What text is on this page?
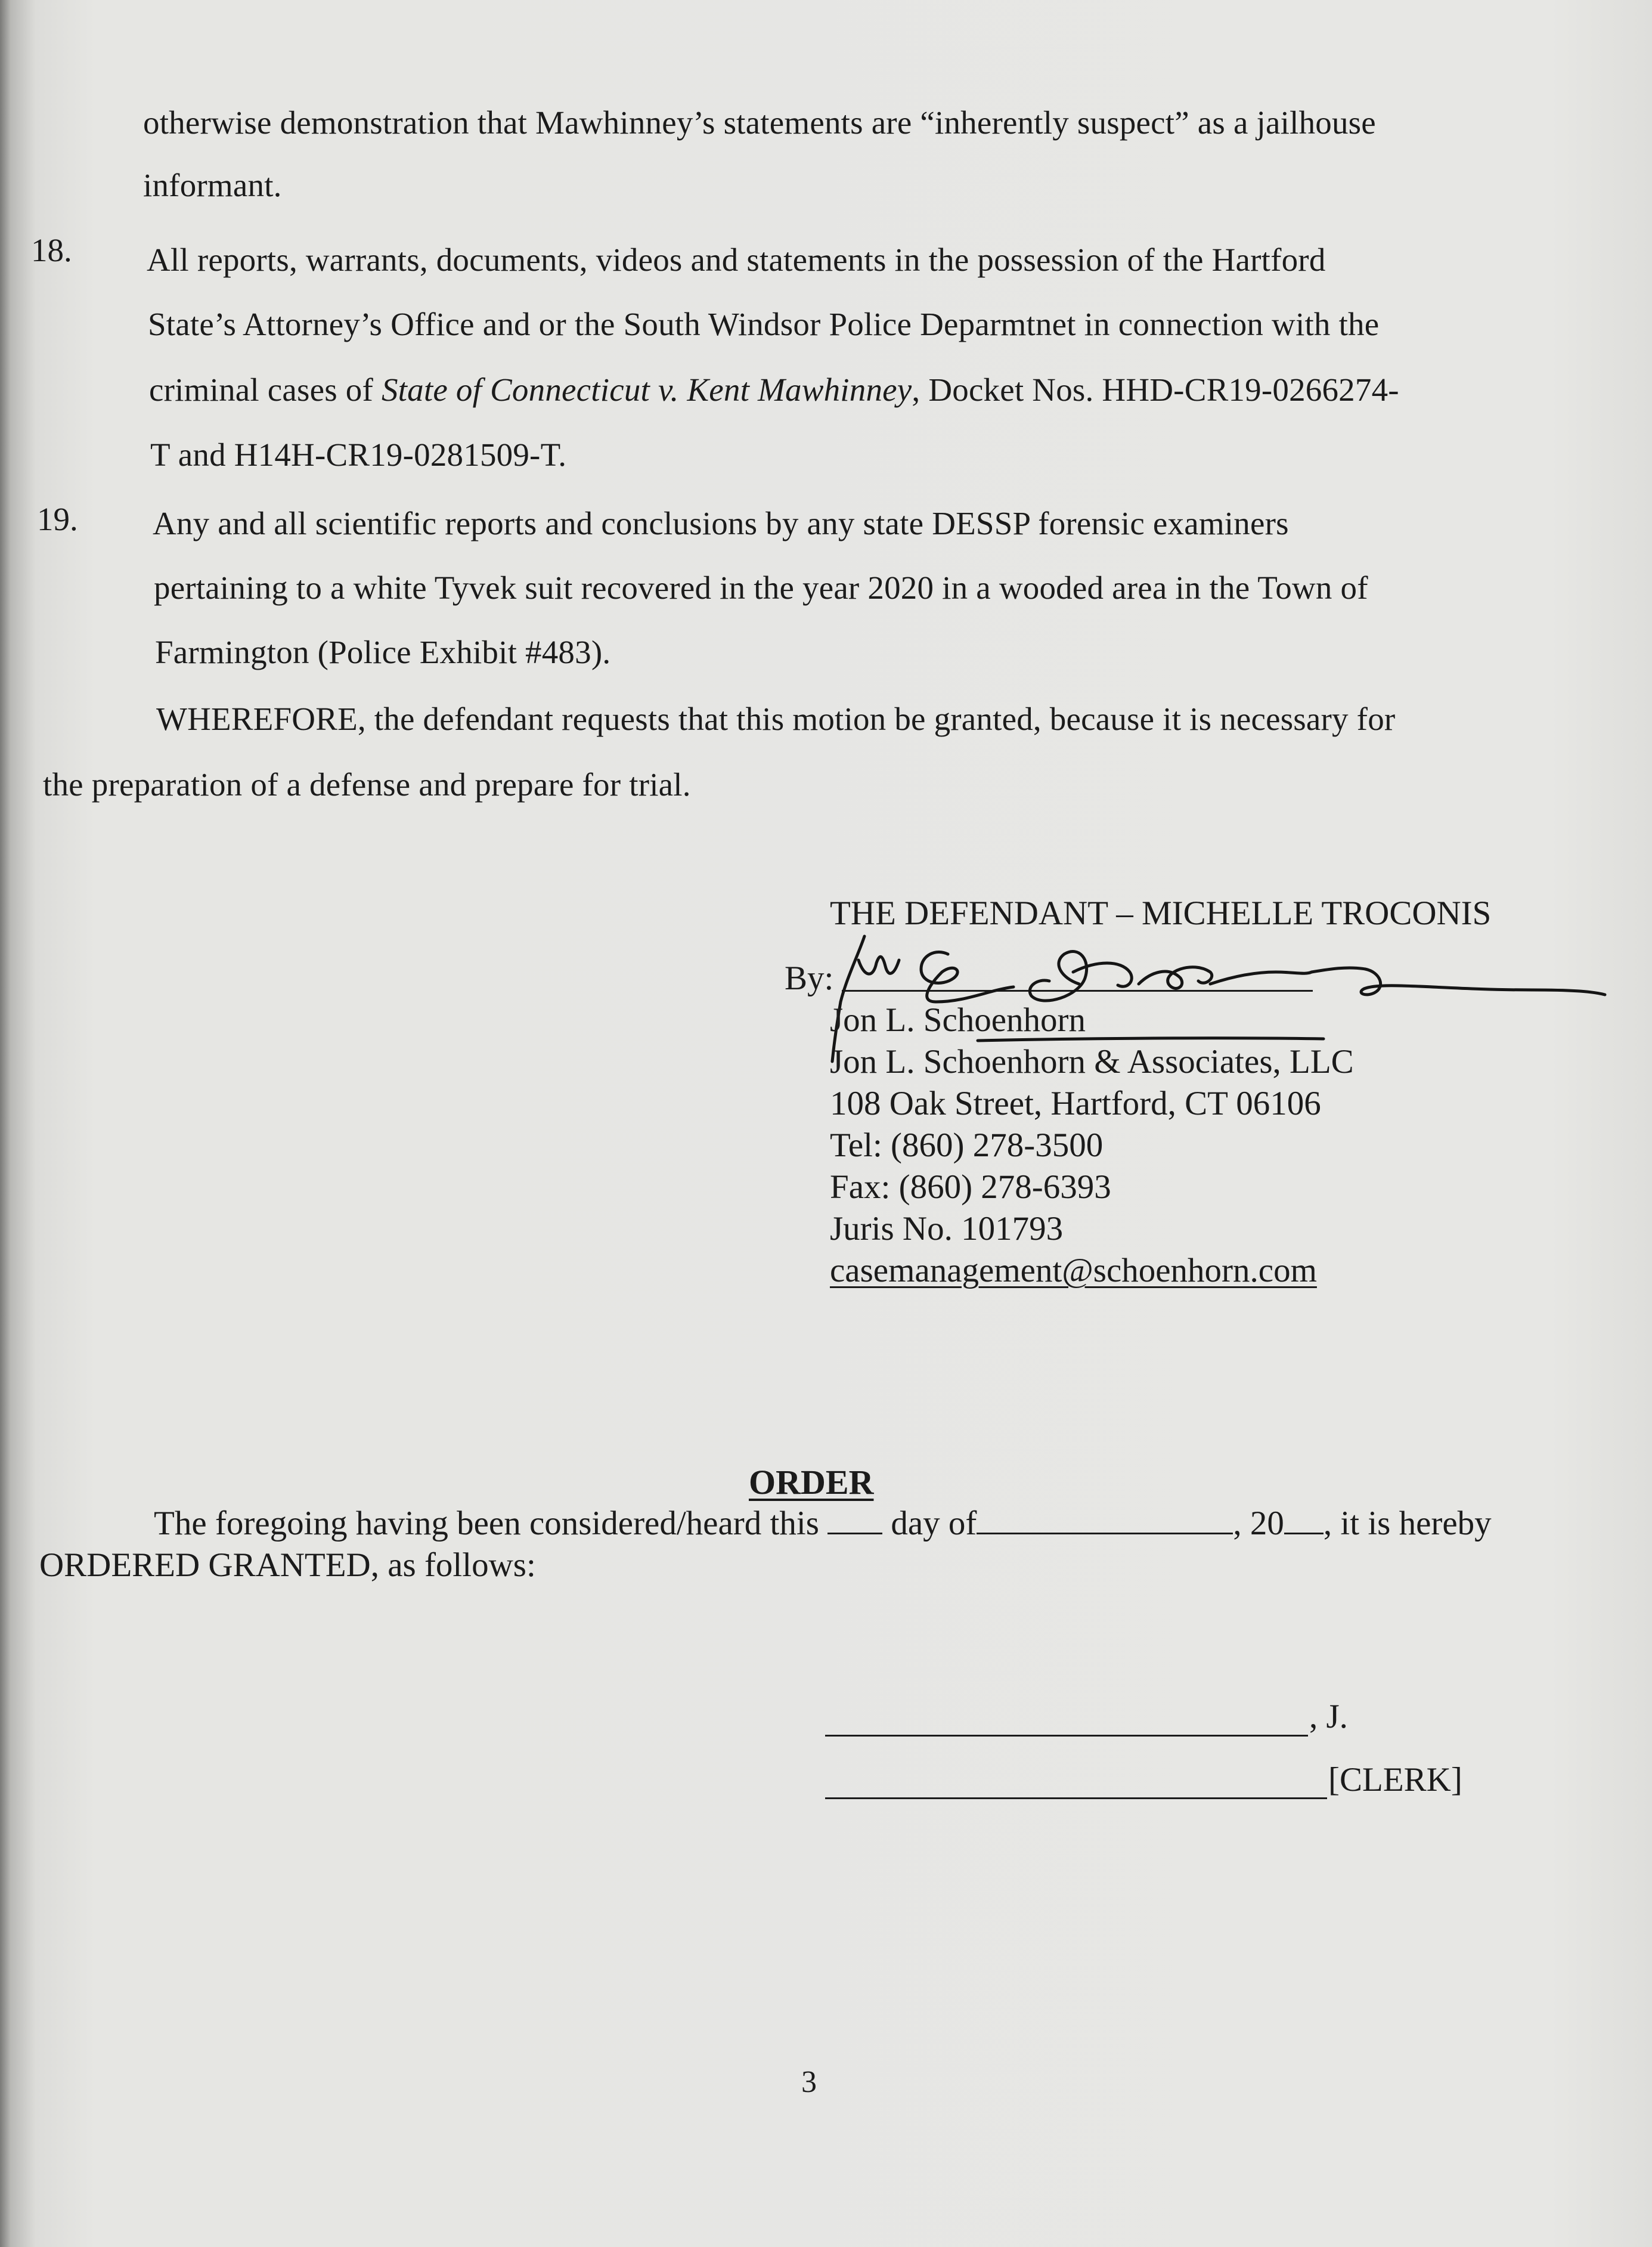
otherwise demonstration that Mawhinney’s statements are “inherently suspect” as a jailhouse
informant.
18. All reports, warrants, documents, videos and statements in the possession of the Hartford
State’s Attorney’s Office and or the South Windsor Police Deparmtnet in connection with the
criminal cases of State of Connecticut v. Kent Mawhinney, Docket Nos. HHD-CR19-0266274-
T and H14H-CR19-0281509-T.
19. Any and all scientific reports and conclusions by any state DESSP forensic examiners
pertaining to a white Tyvek suit recovered in the year 2020 in a wooded area in the Town of
Farmington (Police Exhibit #483).
WHEREFORE, the defendant requests that this motion be granted, because it is necessary for
the preparation of a defense and prepare for trial.
THE DEFENDANT – MICHELLE TROCONIS
By:
Jon L. Schoenhorn
Jon L. Schoenhorn & Associates, LLC
108 Oak Street, Hartford, CT 06106
Tel: (860) 278-3500
Fax: (860) 278-6393
Juris No. 101793
casemanagement@schoenhorn.com
ORDER
The foregoing having been considered/heard this day of	, 20 , it is hereby
ORDERED GRANTED, as follows:
, J.
[CLERK]
3
